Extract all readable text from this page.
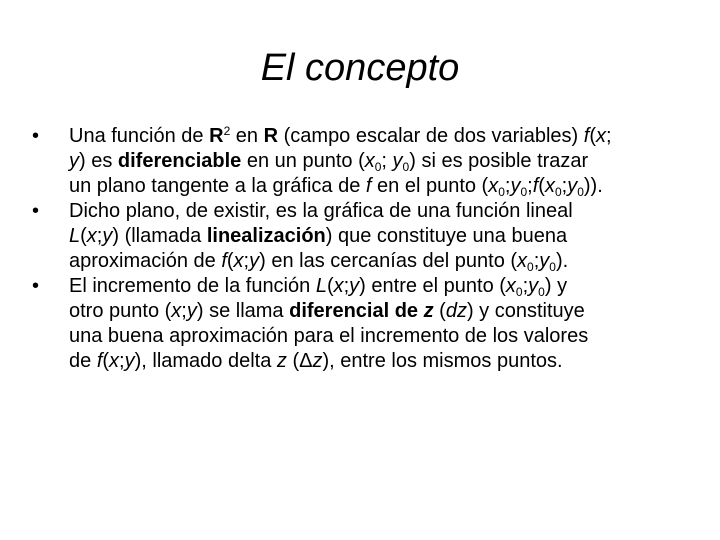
El concepto
•	Una función de $R^2$ en R (campo escalar de dos variables) f(x;
y) es diferenciable en un punto ($x_0$; $y_0$) si es posible trazar
un plano tangente a la gráfica de f en el punto $(x_0;y_0;f(x_0;y_0))$.
•	Dicho plano, de existir, es la gráfica de una función lineal
L(x;y) (llamada linealización) que constituye una buena
aproximación de f(x;y) en las cercanías del punto $(x_0;y_0)$.
•	El incremento de la función L(x;y) entre el punto $(x_0;y_0)$ y
otro punto (x;y) se llama diferencial de z (dz) y constituye
una buena aproximación para el incremento de los valores
de f(x;y), llamado delta z (Δz), entre los mismos puntos.
